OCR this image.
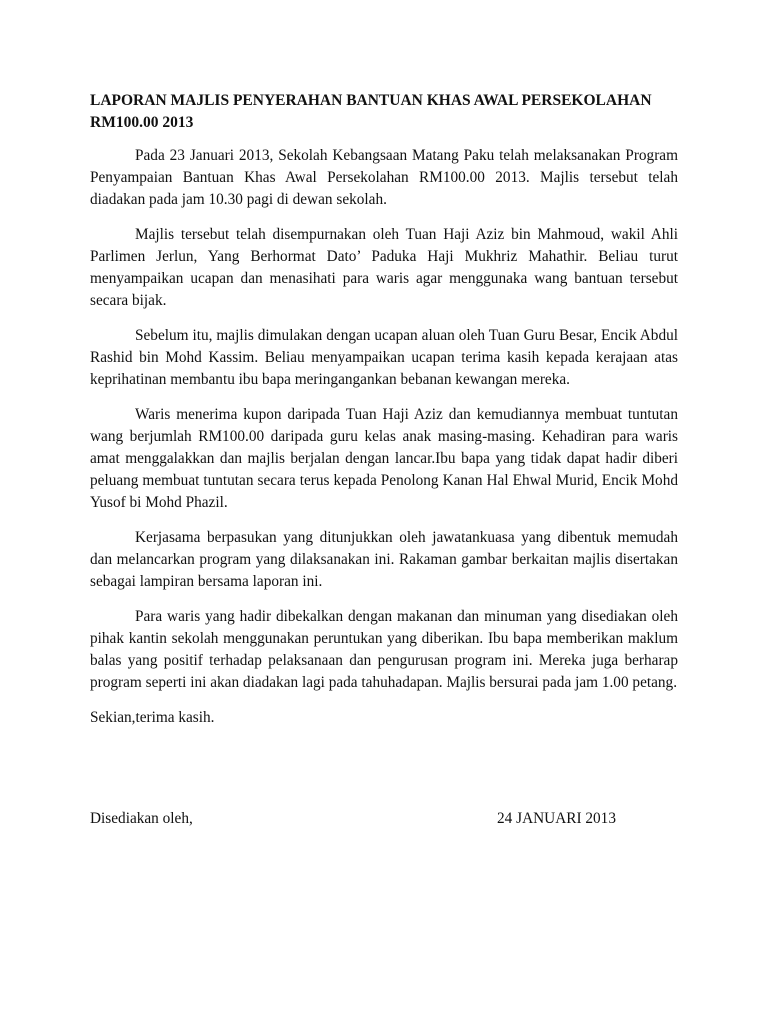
LAPORAN MAJLIS PENYERAHAN BANTUAN KHAS AWAL PERSEKOLAHAN RM100.00 2013

Pada 23 Januari 2013, Sekolah Kebangsaan Matang Paku telah melaksanakan Program Penyampaian Bantuan Khas Awal Persekolahan RM100.00 2013. Majlis tersebut telah diadakan pada jam 10.30 pagi di dewan sekolah.

Majlis tersebut telah disempurnakan oleh Tuan Haji Aziz bin Mahmoud, wakil Ahli Parlimen Jerlun, Yang Berhormat Dato’ Paduka Haji Mukhriz Mahathir. Beliau turut menyampaikan ucapan dan menasihati para waris agar menggunaka wang bantuan tersebut secara bijak.

Sebelum itu, majlis dimulakan dengan ucapan aluan oleh Tuan Guru Besar, Encik Abdul Rashid bin Mohd Kassim. Beliau menyampaikan ucapan terima kasih kepada kerajaan atas keprihatinan membantu ibu bapa meringangankan bebanan kewangan mereka.

Waris menerima kupon daripada Tuan Haji Aziz dan kemudiannya membuat tuntutan wang berjumlah RM100.00 daripada guru kelas anak masing-masing. Kehadiran para waris amat menggalakkan dan majlis berjalan dengan lancar.Ibu bapa yang tidak dapat hadir diberi peluang membuat tuntutan secara terus kepada Penolong Kanan Hal Ehwal Murid, Encik Mohd Yusof bi Mohd Phazil.

Kerjasama berpasukan yang ditunjukkan oleh jawatankuasa yang dibentuk memudah dan melancarkan program yang dilaksanakan ini. Rakaman gambar berkaitan majlis disertakan sebagai lampiran bersama laporan ini.

Para waris yang hadir dibekalkan dengan makanan dan minuman yang disediakan oleh pihak kantin sekolah menggunakan peruntukan yang diberikan. Ibu bapa memberikan maklum balas yang positif terhadap pelaksanaan dan pengurusan program ini. Mereka juga berharap program seperti ini akan diadakan lagi pada tahuhadapan. Majlis bersurai pada jam 1.00 petang.

Sekian,terima kasih.

Disediakan oleh,	24 JANUARI 2013
